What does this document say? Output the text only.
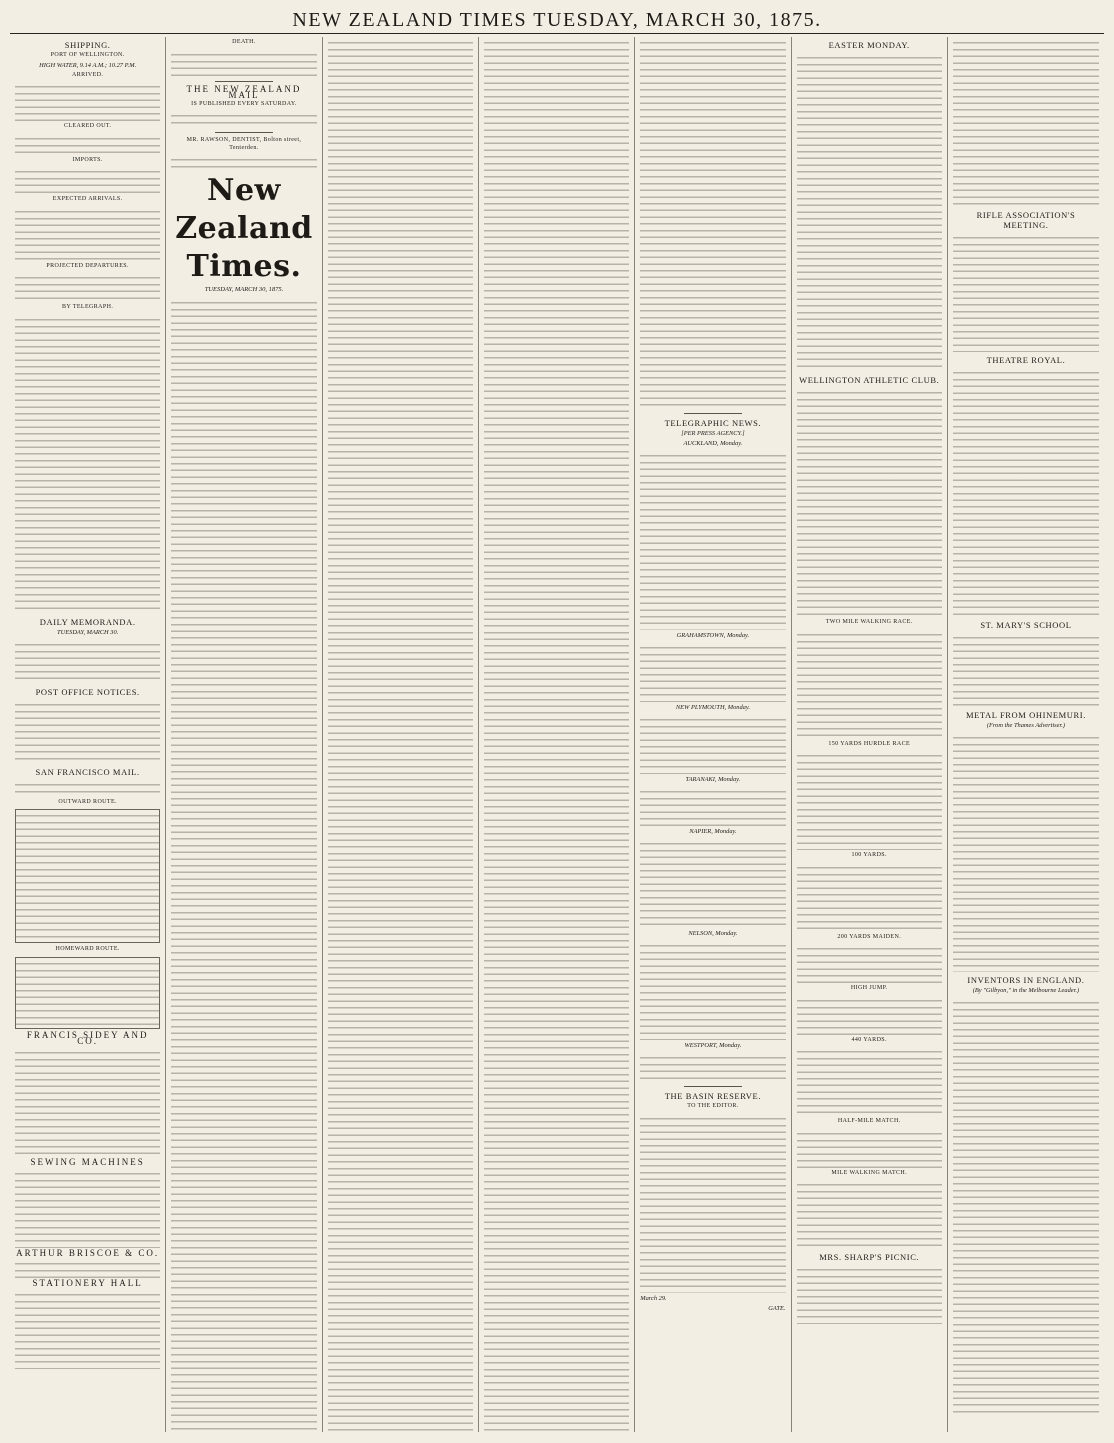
NEW ZEALAND TIMES TUESDAY, MARCH 30, 1875.
SHIPPING.
PORT OF WELLINGTON.
HIGH WATER, 9.14 A.M.; 10.27 P.M.
ARRIVED.
CLEARED OUT.
IMPORTS.
EXPECTED ARRIVALS.
PROJECTED DEPARTURES.
BY TELEGRAPH.
DAILY MEMORANDA.
TUESDAY, MARCH 30.
POST OFFICE NOTICES.
SAN FRANCISCO MAIL.
OUTWARD ROUTE.
HOMEWARD ROUTE.
FRANCIS SIDEY AND CO.
SEWING MACHINES
ARTHUR BRISCOE & CO.
STATIONERY HALL
DEATH.
THE NEW ZEALAND MAIL
IS PUBLISHED EVERY SATURDAY.
MR. RAWSON, DENTIST, Bolton street, Tenterden.
New Zealand Times.
TUESDAY, MARCH 30, 1875.
TELEGRAPHIC NEWS.
[PER PRESS AGENCY.]
AUCKLAND, Monday.
GRAHAMSTOWN, Monday.
NEW PLYMOUTH, Monday.
TARANAKI, Monday.
NAPIER, Monday.
NELSON, Monday.
WESTPORT, Monday.
THE BASIN RESERVE.
TO THE EDITOR.
March 29.
GATE.
EASTER MONDAY.
WELLINGTON ATHLETIC CLUB.
TWO MILE WALKING RACE.
150 YARDS HURDLE RACE
100 YARDS.
200 YARDS MAIDEN.
HIGH JUMP.
440 YARDS.
HALF-MILE MATCH.
MILE WALKING MATCH.
MRS. SHARP'S PICNIC.
RIFLE ASSOCIATION'S MEETING.
THEATRE ROYAL.
ST. MARY'S SCHOOL
METAL FROM OHINEMURI.
(From the Thames Advertiser.)
INVENTORS IN ENGLAND.
(By "Gilbyon," in the Melbourne Leader.)
